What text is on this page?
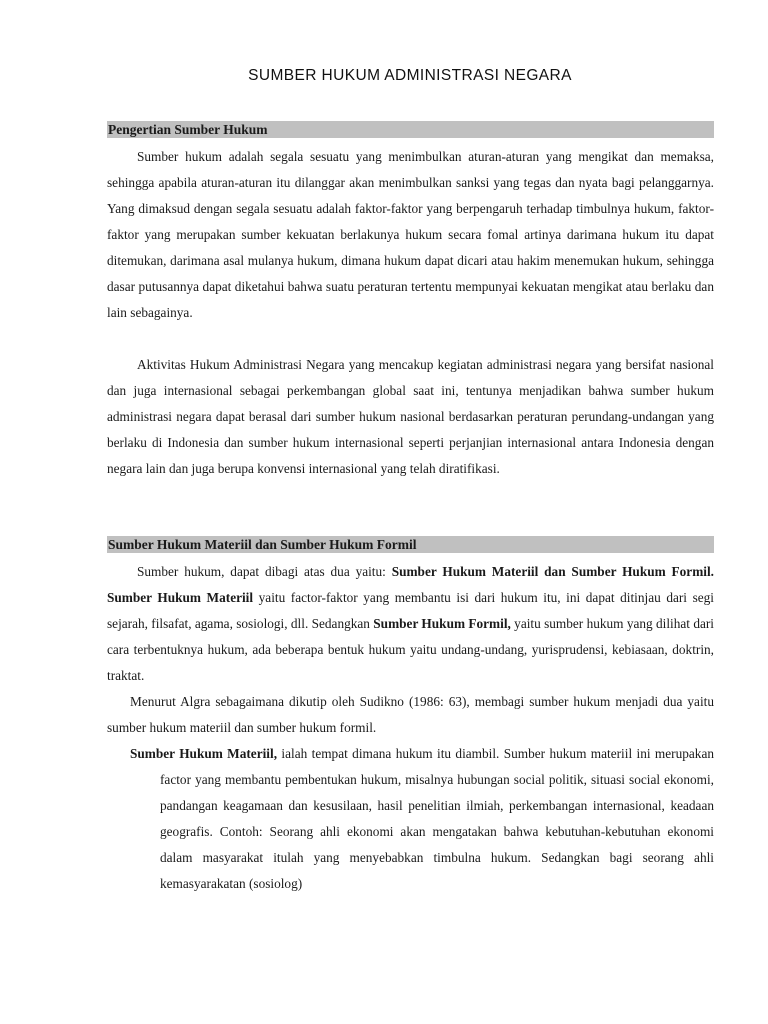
SUMBER HUKUM ADMINISTRASI NEGARA
Pengertian Sumber Hukum

Sumber hukum adalah segala sesuatu yang menimbulkan aturan-aturan yang mengikat dan memaksa, sehingga apabila aturan-aturan itu dilanggar akan menimbulkan sanksi yang tegas dan nyata bagi pelanggarnya. Yang dimaksud dengan segala sesuatu adalah faktor-faktor yang berpengaruh terhadap timbulnya hukum, faktor-faktor yang merupakan sumber kekuatan berlakunya hukum secara fomal artinya darimana hukum itu dapat ditemukan, darimana asal mulanya hukum, dimana hukum dapat dicari atau hakim menemukan hukum, sehingga dasar putusannya dapat diketahui bahwa suatu peraturan tertentu mempunyai kekuatan mengikat atau berlaku dan lain sebagainya.

Aktivitas Hukum Administrasi Negara yang mencakup kegiatan administrasi negara yang bersifat nasional dan juga internasional sebagai perkembangan global saat ini, tentunya menjadikan bahwa sumber hukum administrasi negara dapat berasal dari sumber hukum nasional berdasarkan peraturan perundang-undangan yang berlaku di Indonesia dan sumber hukum internasional seperti perjanjian internasional antara Indonesia dengan negara lain dan juga berupa konvensi internasional yang telah diratifikasi.

Sumber Hukum Materiil dan Sumber Hukum Formil

Sumber hukum, dapat dibagi atas dua yaitu: Sumber Hukum Materiil dan Sumber Hukum Formil. Sumber Hukum Materiil yaitu factor-faktor yang membantu isi dari hukum itu, ini dapat ditinjau dari segi sejarah, filsafat, agama, sosiologi, dll. Sedangkan Sumber Hukum Formil, yaitu sumber hukum yang dilihat dari cara terbentuknya hukum, ada beberapa bentuk hukum yaitu undang-undang, yurisprudensi, kebiasaan, doktrin, traktat.

Menurut Algra sebagaimana dikutip oleh Sudikno (1986: 63), membagi sumber hukum menjadi dua yaitu sumber hukum materiil dan sumber hukum formil.

Sumber Hukum Materiil, ialah tempat dimana hukum itu diambil. Sumber hukum materiil ini merupakan factor yang membantu pembentukan hukum, misalnya hubungan social politik, situasi social ekonomi, pandangan keagamaan dan kesusilaan, hasil penelitian ilmiah, perkembangan internasional, keadaan geografis. Contoh: Seorang ahli ekonomi akan mengatakan bahwa kebutuhan-kebutuhan ekonomi dalam masyarakat itulah yang menyebabkan timbulna hukum. Sedangkan bagi seorang ahli kemasyarakatan (sosiolog)
